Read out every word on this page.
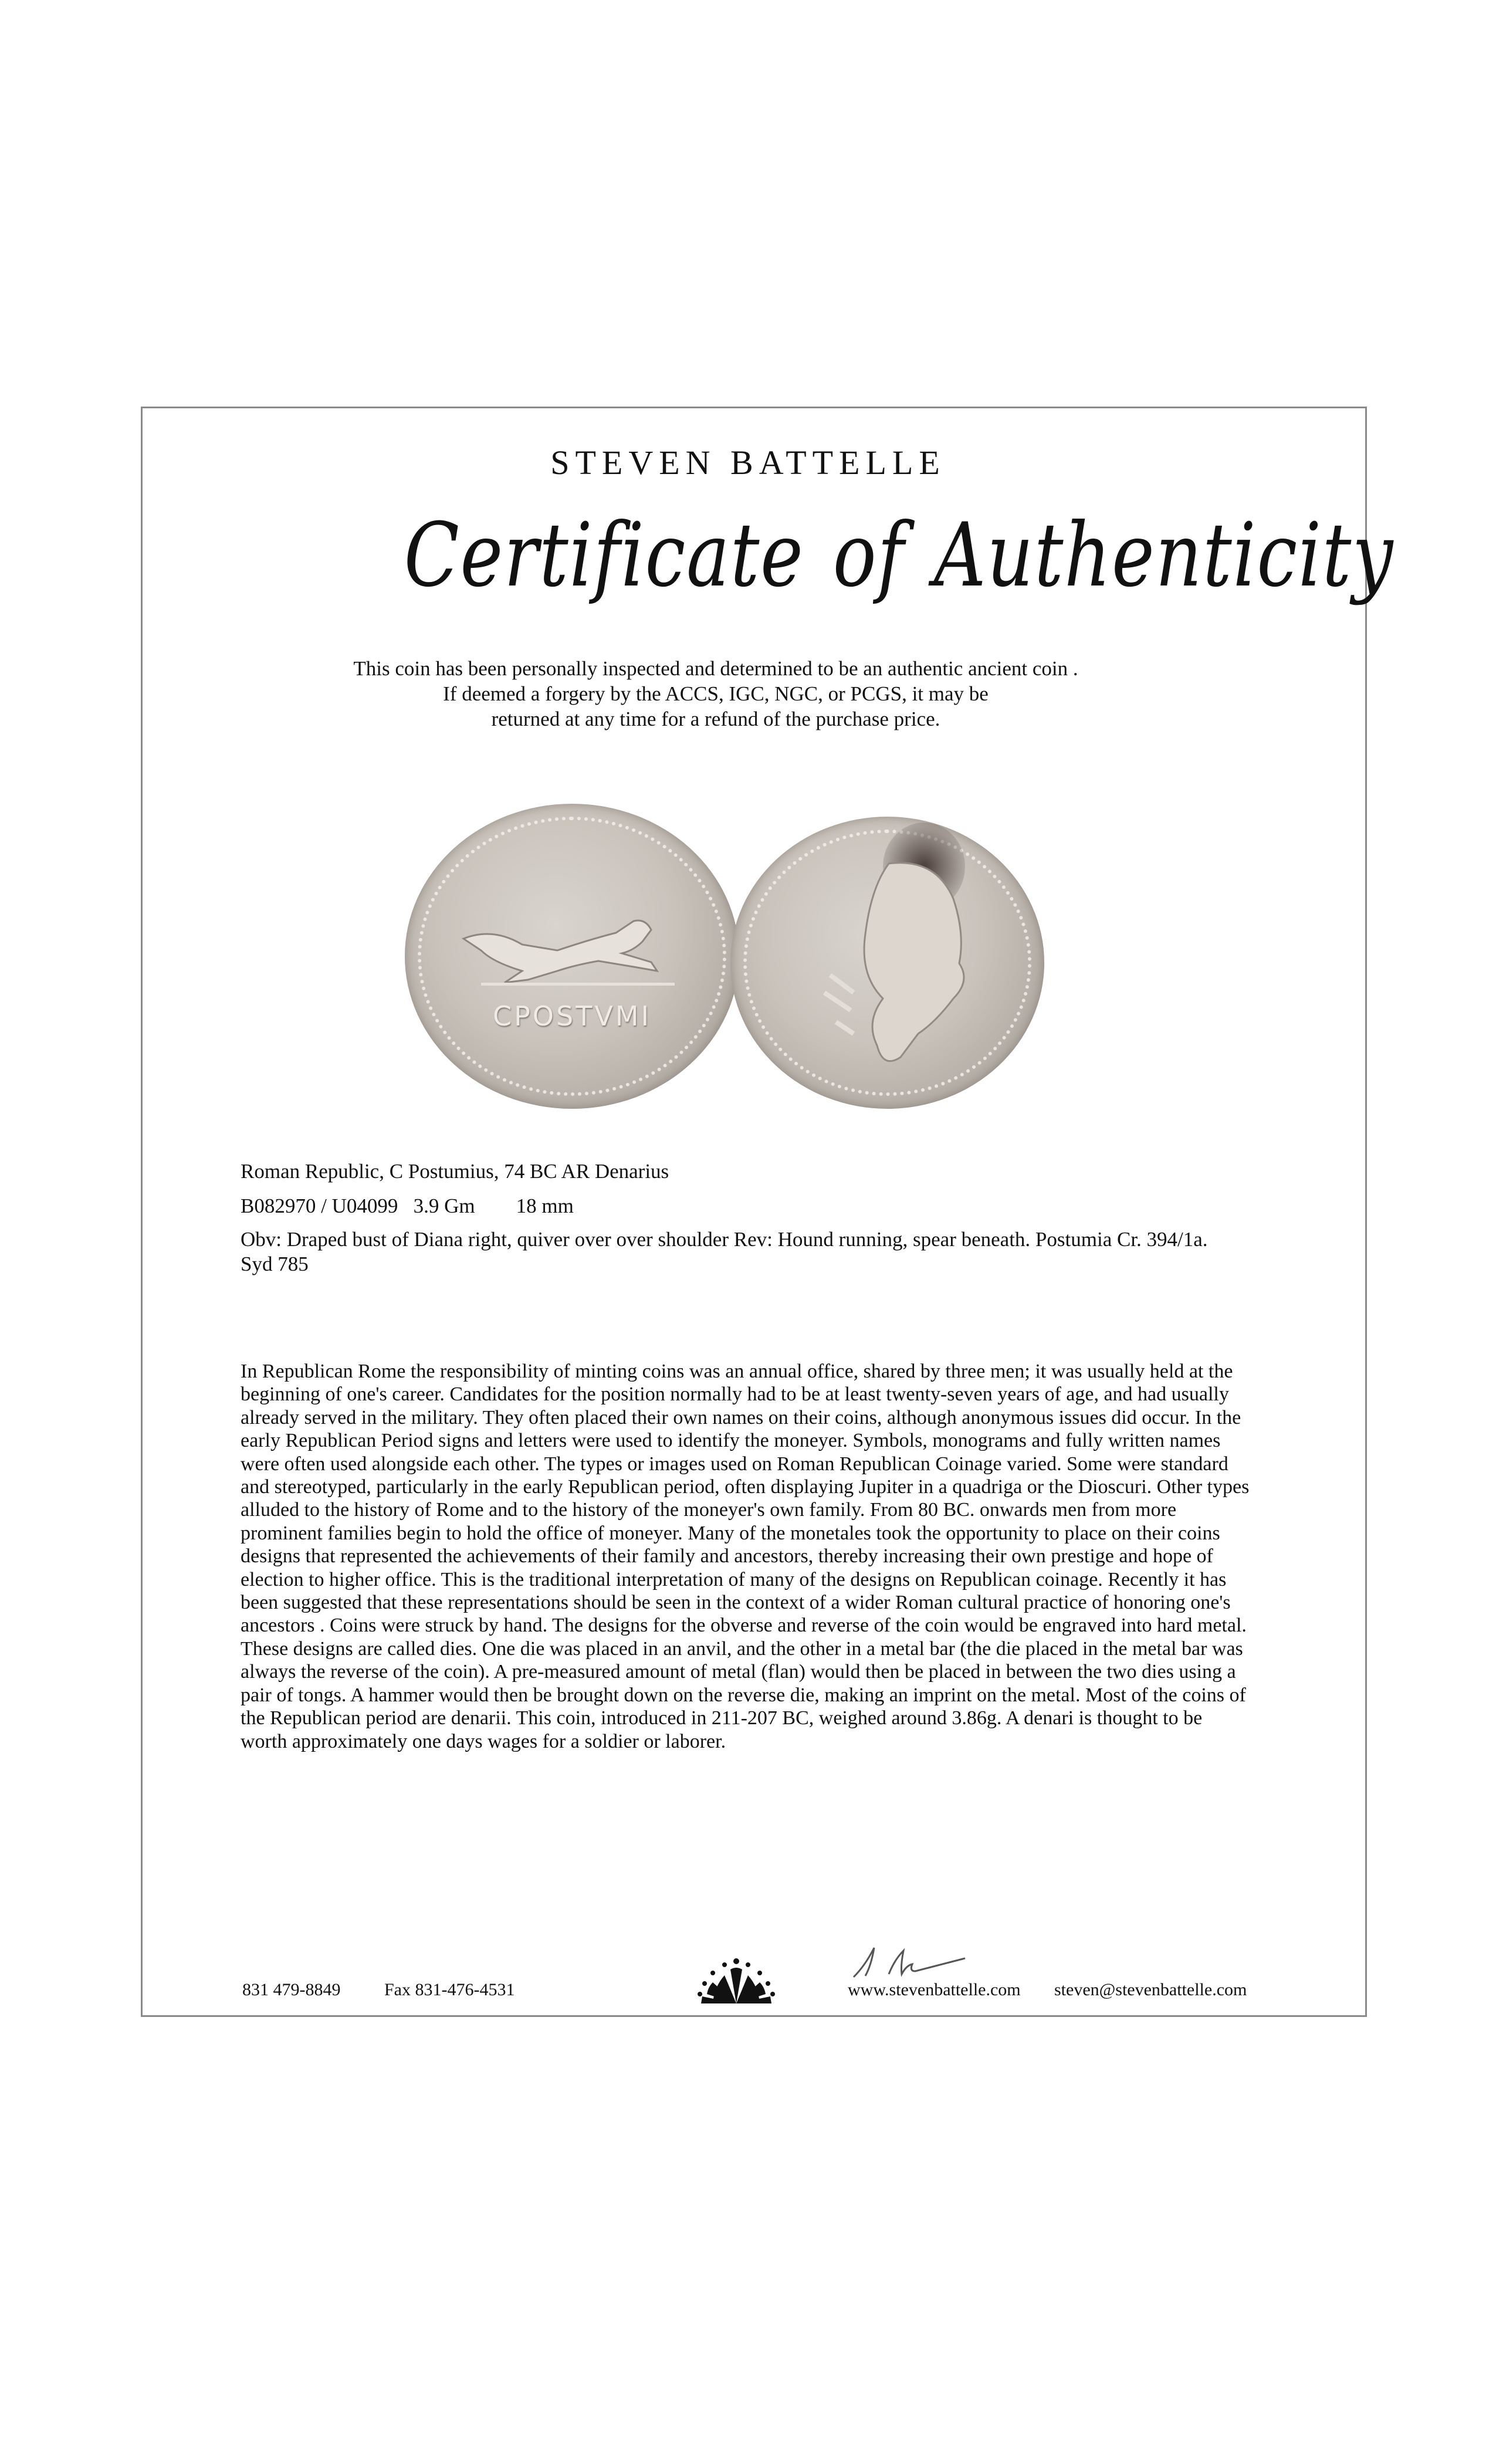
STEVEN BATTELLE
Certificate of Authenticity
This coin has been personally inspected and determined to be an authentic ancient coin .
If deemed a forgery by the ACCS, IGC, NGC, or PCGS, it may be
returned at any time for a refund of the purchase price.
CPOSTVMI
Roman Republic, C Postumius, 74 BC AR Denarius
B082970 / U04099 3.9 Gm 18 mm
Obv: Draped bust of Diana right, quiver over over shoulder Rev: Hound running, spear beneath. Postumia Cr. 394/1a. Syd 785
In Republican Rome the responsibility of minting coins was an annual office, shared by three men; it was usually held at the beginning of one's career. Candidates for the position normally had to be at least twenty-seven years of age, and had usually already served in the military. They often placed their own names on their coins, although anonymous issues did occur. In the early Republican Period signs and letters were used to identify the moneyer. Symbols, monograms and fully written names were often used alongside each other. The types or images used on Roman Republican Coinage varied. Some were standard and stereotyped, particularly in the early Republican period, often displaying Jupiter in a quadriga or the Dioscuri. Other types alluded to the history of Rome and to the history of the moneyer's own family. From 80 BC. onwards men from more prominent families begin to hold the office of moneyer. Many of the monetales took the opportunity to place on their coins designs that represented the achievements of their family and ancestors, thereby increasing their own prestige and hope of election to higher office. This is the traditional interpretation of many of the designs on Republican coinage. Recently it has been suggested that these representations should be seen in the context of a wider Roman cultural practice of honoring one's ancestors . Coins were struck by hand. The designs for the obverse and reverse of the coin would be engraved into hard metal. These designs are called dies. One die was placed in an anvil, and the other in a metal bar (the die placed in the metal bar was always the reverse of the coin). A pre-measured amount of metal (flan) would then be placed in between the two dies using a pair of tongs. A hammer would then be brought down on the reverse die, making an imprint on the metal. Most of the coins of the Republican period are denarii. This coin, introduced in 211-207 BC, weighed around 3.86g. A denari is thought to be worth approximately one days wages for a soldier or laborer.
831 479-8849 Fax 831-476-4531	www.stevenbattelle.com steven@stevenbattelle.com
